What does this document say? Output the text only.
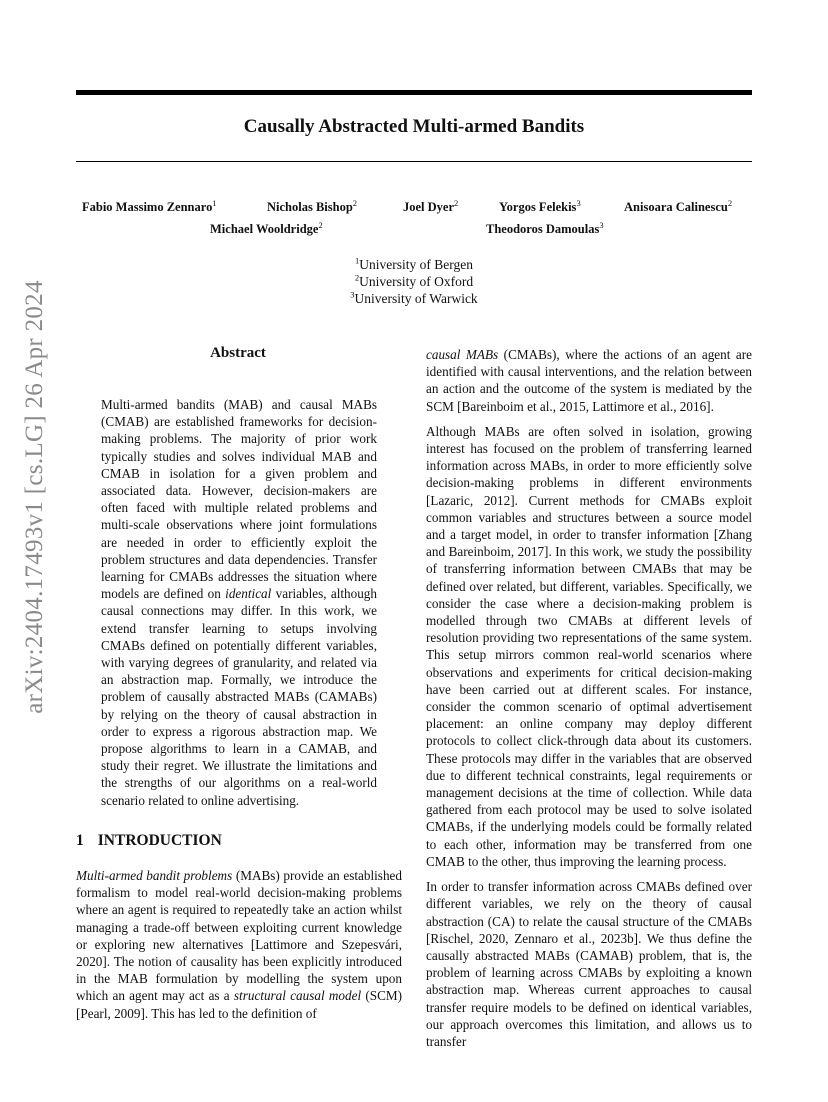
arXiv:2404.17493v1 [cs.LG] 26 Apr 2024
Causally Abstracted Multi-armed Bandits
Fabio Massimo Zennaro$^1$	Nicholas Bishop$^2$	Joel Dyer$^2$	Yorgos Felekis$^3$	Anisoara Calinescu$^2$
Michael Wooldridge$^2$	Theodoros Damoulas$^3$
$^1$University of Bergen
$^2$University of Oxford
$^3$University of Warwick
Abstract

Multi-armed bandits (MAB) and causal MABs (CMAB) are established frameworks for decision-making problems. The majority of prior work typically studies and solves individual MAB and CMAB in isolation for a given problem and associated data. However, decision-makers are often faced with multiple related problems and multi-scale observations where joint formulations are needed in order to efficiently exploit the problem structures and data dependencies. Transfer learning for CMABs addresses the situation where models are defined on identical variables, although causal connections may differ. In this work, we extend transfer learning to setups involving CMABs defined on potentially different variables, with varying degrees of granularity, and related via an abstraction map. Formally, we introduce the problem of causally abstracted MABs (CAMABs) by relying on the theory of causal abstraction in order to express a rigorous abstraction map. We propose algorithms to learn in a CAMAB, and study their regret. We illustrate the limitations and the strengths of our algorithms on a real-world scenario related to online advertising.

1 INTRODUCTION

Multi-armed bandit problems (MABs) provide an established formalism to model real-world decision-making problems where an agent is required to repeatedly take an action whilst managing a trade-off between exploiting current knowledge or exploring new alternatives [Lattimore and Szepesvári, 2020]. The notion of causality has been explicitly introduced in the MAB formulation by modelling the system upon which an agent may act as a structural causal model (SCM) [Pearl, 2009]. This has led to the definition of

causal MABs (CMABs), where the actions of an agent are identified with causal interventions, and the relation between an action and the outcome of the system is mediated by the SCM [Bareinboim et al., 2015, Lattimore et al., 2016].

Although MABs are often solved in isolation, growing interest has focused on the problem of transferring learned information across MABs, in order to more efficiently solve decision-making problems in different environments [Lazaric, 2012]. Current methods for CMABs exploit common variables and structures between a source model and a target model, in order to transfer information [Zhang and Bareinboim, 2017]. In this work, we study the possibility of transferring information between CMABs that may be defined over related, but different, variables. Specifically, we consider the case where a decision-making problem is modelled through two CMABs at different levels of resolution providing two representations of the same system. This setup mirrors common real-world scenarios where observations and experiments for critical decision-making have been carried out at different scales. For instance, consider the common scenario of optimal advertisement placement: an online company may deploy different protocols to collect click-through data about its customers. These protocols may differ in the variables that are observed due to different technical constraints, legal requirements or management decisions at the time of collection. While data gathered from each protocol may be used to solve isolated CMABs, if the underlying models could be formally related to each other, information may be transferred from one CMAB to the other, thus improving the learning process.

In order to transfer information across CMABs defined over different variables, we rely on the theory of causal abstraction (CA) to relate the causal structure of the CMABs [Rischel, 2020, Zennaro et al., 2023b]. We thus define the causally abstracted MABs (CAMAB) problem, that is, the problem of learning across CMABs by exploiting a known abstraction map. Whereas current approaches to causal transfer require models to be defined on identical variables, our approach overcomes this limitation, and allows us to transfer
